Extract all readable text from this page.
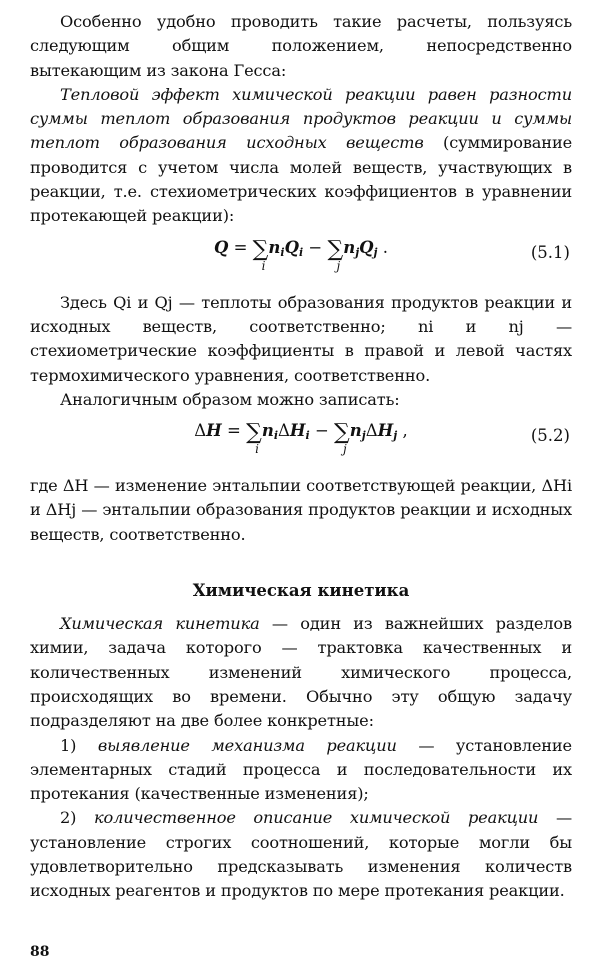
Особенно удобно проводить такие расчеты, пользуясь следующим общим положением, непосредственно вытекающим из закона Гесса:

Тепловой эффект химической реакции равен разности суммы теплот образования продуктов реакции и суммы теплот образования исходных веществ (суммирование проводится с учетом числа молей веществ, участвующих в реакции, т.е. стехиометрических коэффициентов в уравнении протекающей реакции):

Q = ∑
i
niQi − ∑
j
njQj .	(5.1)

Здесь Qi и Qj — теплоты образования продуктов реакции и исходных веществ, соответственно; ni и nj — стехиометрические коэффициенты в правой и левой частях термохимического уравнения, соответственно.

Аналогичным образом можно записать:

ΔH = ∑
i
niΔHi − ∑
j
njΔHj ,	(5.2)

где ΔH — изменение энтальпии соответствующей реакции, ΔHi и ΔHj — энтальпии образования продуктов реакции и исходных веществ, соответственно.

Химическая кинетика

Химическая кинетика — один из важнейших разделов химии, задача которого — трактовка качественных и количественных изменений химического процесса, происходящих во времени. Обычно эту общую задачу подразделяют на две более конкретные:

1) выявление механизма реакции — установление элементарных стадий процесса и последовательности их протекания (качественные изменения);

2) количественное описание химической реакции — установление строгих соотношений, которые могли бы удовлетворительно предсказывать изменения количеств исходных реагентов и продуктов по мере протекания реакции.

88
